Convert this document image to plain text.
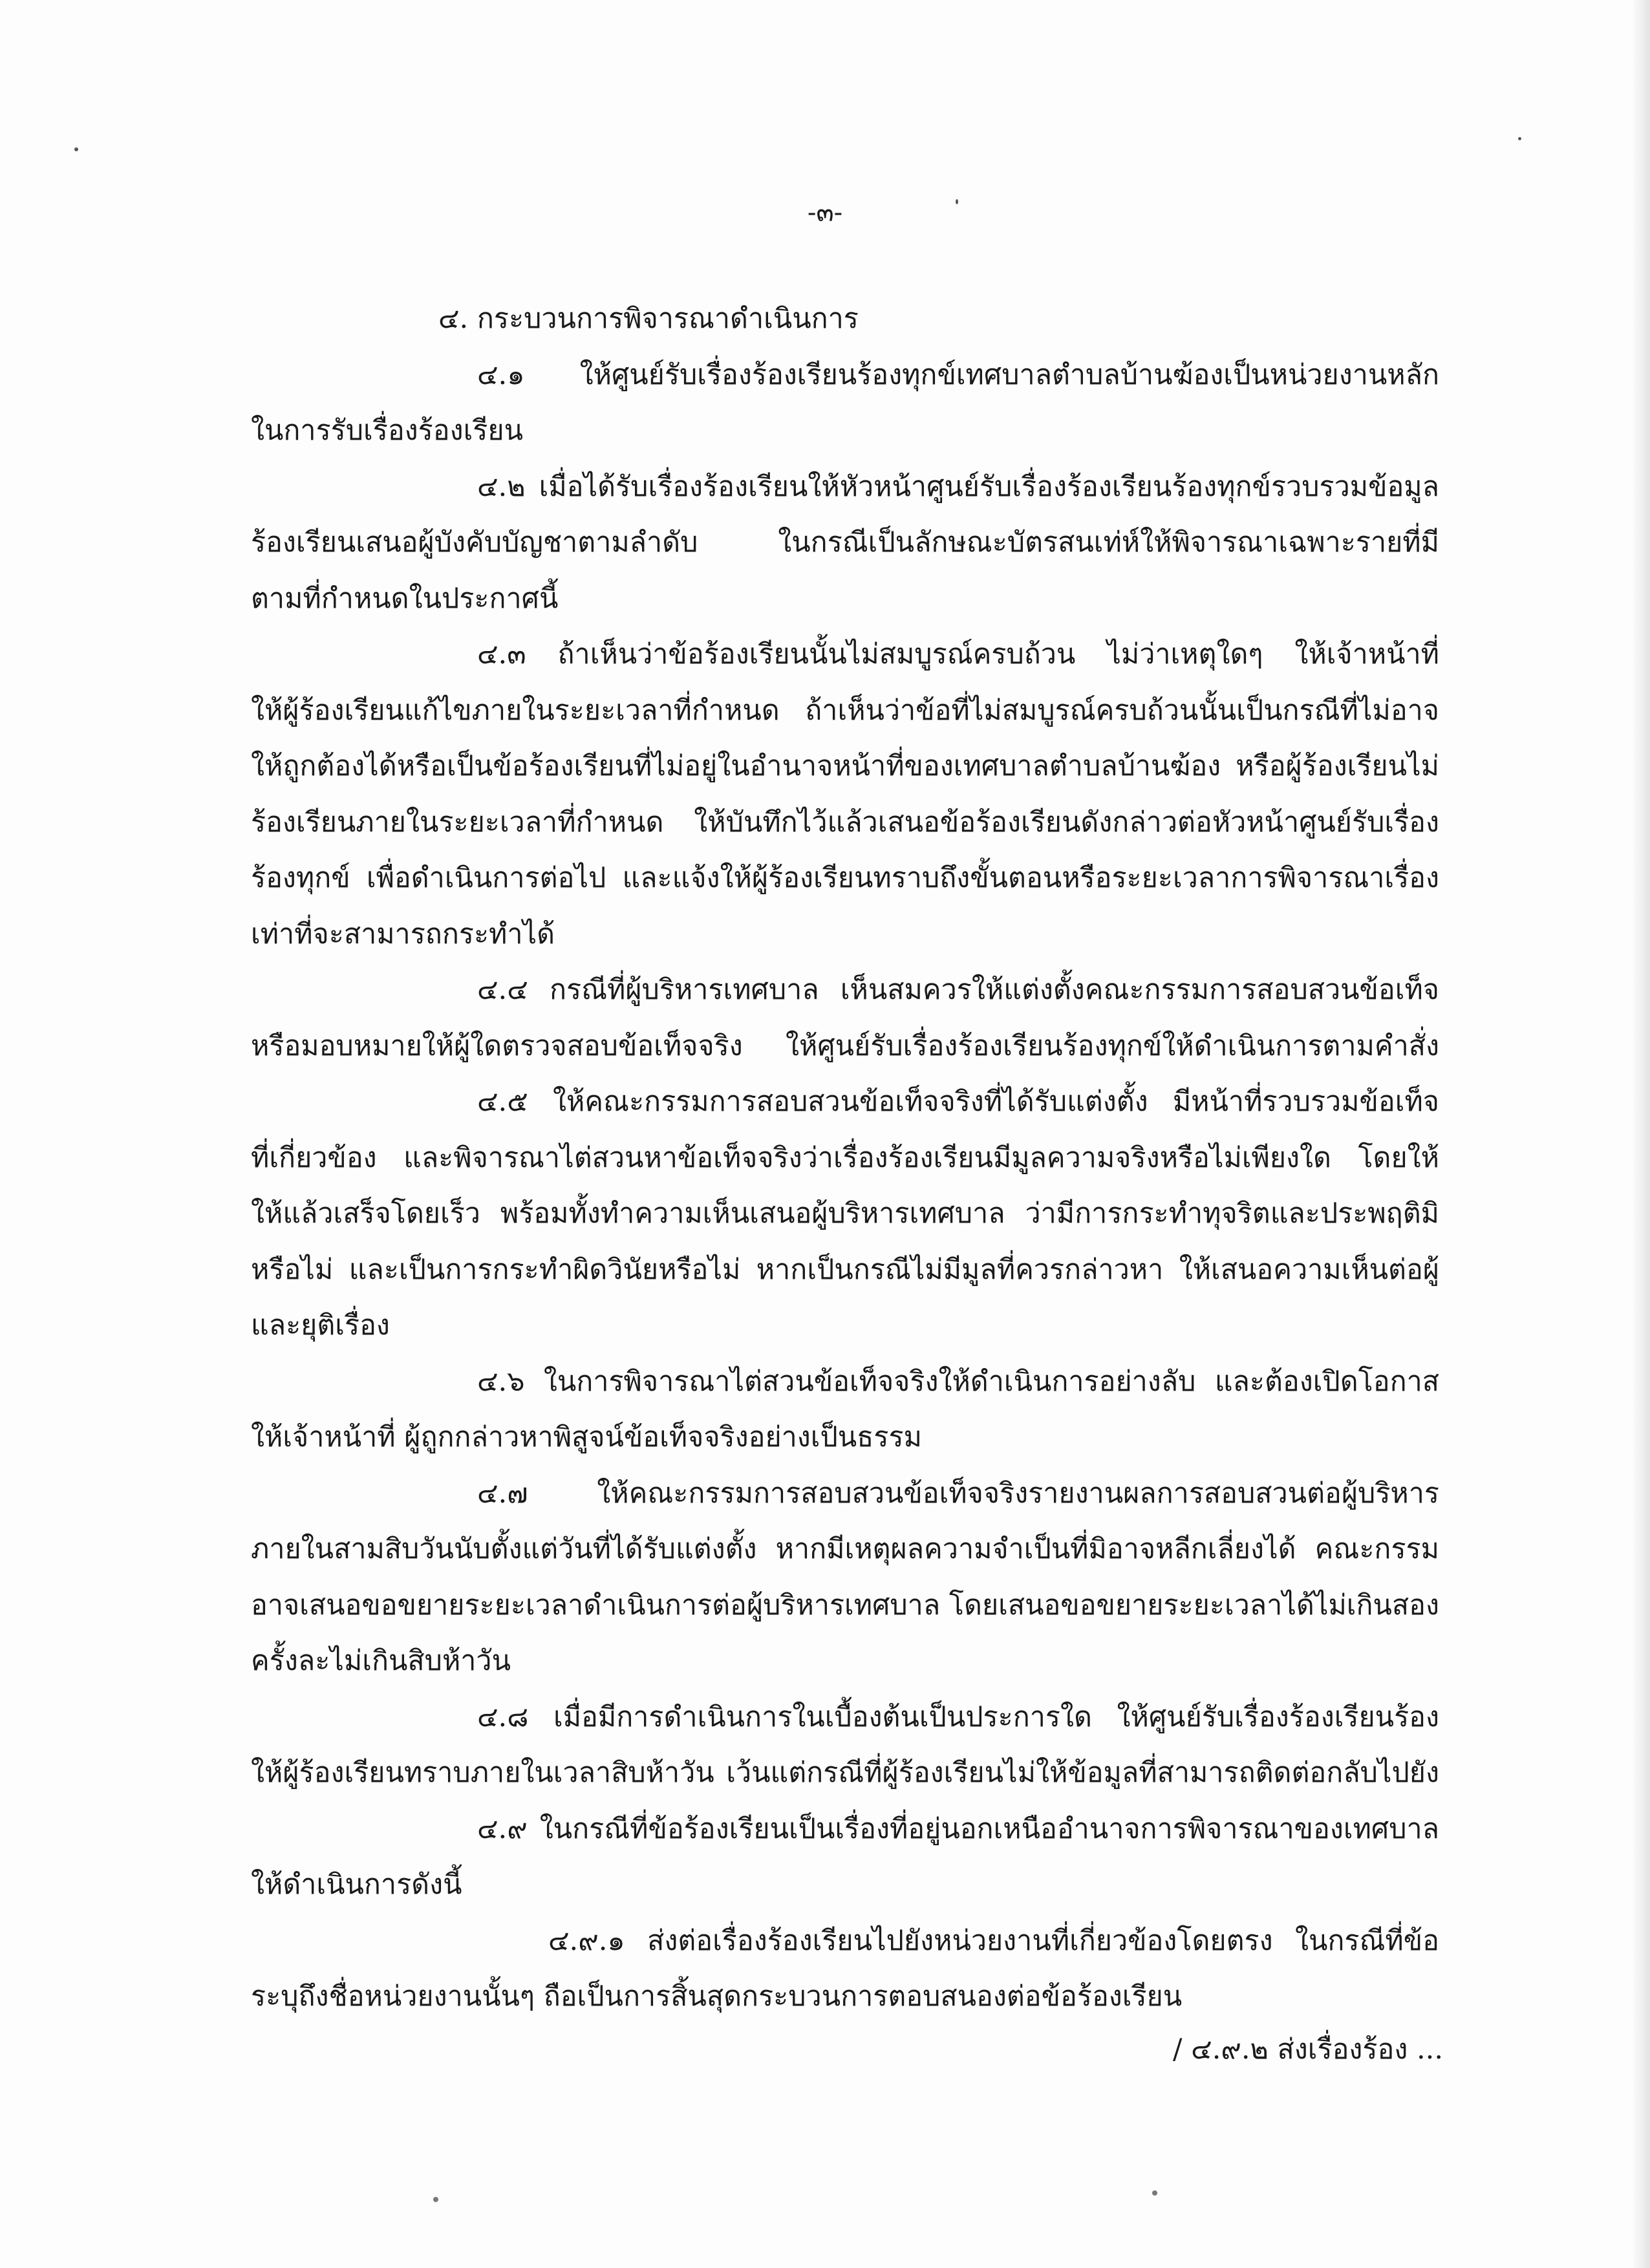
-๓-
๔. กระบวนการพิจารณาดำเนินการ
๔.๑ ให้ศูนย์รับเรื่องร้องเรียนร้องทุกข์เทศบาลตำบลบ้านฆ้องเป็นหน่วยงานหลัก
ในการรับเรื่องร้องเรียน
๔.๒ เมื่อได้รับเรื่องร้องเรียนให้หัวหน้าศูนย์รับเรื่องร้องเรียนร้องทุกข์รวบรวมข้อมูล
ร้องเรียนเสนอผู้บังคับบัญชาตามลำดับ ในกรณีเป็นลักษณะบัตรสนเท่ห์ให้พิจารณาเฉพาะรายที่มี
ตามที่กำหนดในประกาศนี้
๔.๓ ถ้าเห็นว่าข้อร้องเรียนนั้นไม่สมบูรณ์ครบถ้วน ไม่ว่าเหตุใดๆ ให้เจ้าหน้าที่
ให้ผู้ร้องเรียนแก้ไขภายในระยะเวลาที่กำหนด ถ้าเห็นว่าข้อที่ไม่สมบูรณ์ครบถ้วนนั้นเป็นกรณีที่ไม่อาจ
ให้ถูกต้องได้หรือเป็นข้อร้องเรียนที่ไม่อยู่ในอำนาจหน้าที่ของเทศบาลตำบลบ้านฆ้อง หรือผู้ร้องเรียนไม่
ร้องเรียนภายในระยะเวลาที่กำหนด ให้บันทึกไว้แล้วเสนอข้อร้องเรียนดังกล่าวต่อหัวหน้าศูนย์รับเรื่อง
ร้องทุกข์ เพื่อดำเนินการต่อไป และแจ้งให้ผู้ร้องเรียนทราบถึงขั้นตอนหรือระยะเวลาการพิจารณาเรื่อง
เท่าที่จะสามารถกระทำได้
๔.๔ กรณีที่ผู้บริหารเทศบาล เห็นสมควรให้แต่งตั้งคณะกรรมการสอบสวนข้อเท็จ
หรือมอบหมายให้ผู้ใดตรวจสอบข้อเท็จจริง ให้ศูนย์รับเรื่องร้องเรียนร้องทุกข์ให้ดำเนินการตามคำสั่ง
๔.๕ ให้คณะกรรมการสอบสวนข้อเท็จจริงที่ได้รับแต่งตั้ง มีหน้าที่รวบรวมข้อเท็จ
ที่เกี่ยวข้อง และพิจารณาไต่สวนหาข้อเท็จจริงว่าเรื่องร้องเรียนมีมูลความจริงหรือไม่เพียงใด โดยให้
ให้แล้วเสร็จโดยเร็ว พร้อมทั้งทำความเห็นเสนอผู้บริหารเทศบาล ว่ามีการกระทำทุจริตและประพฤติมิ
หรือไม่ และเป็นการกระทำผิดวินัยหรือไม่ หากเป็นกรณีไม่มีมูลที่ควรกล่าวหา ให้เสนอความเห็นต่อผู้
และยุติเรื่อง
๔.๖ ในการพิจารณาไต่สวนข้อเท็จจริงให้ดำเนินการอย่างลับ และต้องเปิดโอกาส
ให้เจ้าหน้าที่ ผู้ถูกกล่าวหาพิสูจน์ข้อเท็จจริงอย่างเป็นธรรม
๔.๗ ให้คณะกรรมการสอบสวนข้อเท็จจริงรายงานผลการสอบสวนต่อผู้บริหาร
ภายในสามสิบวันนับตั้งแต่วันที่ได้รับแต่งตั้ง หากมีเหตุผลความจำเป็นที่มิอาจหลีกเลี่ยงได้ คณะกรรม
อาจเสนอขอขยายระยะเวลาดำเนินการต่อผู้บริหารเทศบาล โดยเสนอขอขยายระยะเวลาได้ไม่เกินสอง
ครั้งละไม่เกินสิบห้าวัน
๔.๘ เมื่อมีการดำเนินการในเบื้องต้นเป็นประการใด ให้ศูนย์รับเรื่องร้องเรียนร้อง
ให้ผู้ร้องเรียนทราบภายในเวลาสิบห้าวัน เว้นแต่กรณีที่ผู้ร้องเรียนไม่ให้ข้อมูลที่สามารถติดต่อกลับไปยัง
๔.๙ ในกรณีที่ข้อร้องเรียนเป็นเรื่องที่อยู่นอกเหนืออำนาจการพิจารณาของเทศบาล
ให้ดำเนินการดังนี้
๔.๙.๑ ส่งต่อเรื่องร้องเรียนไปยังหน่วยงานที่เกี่ยวข้องโดยตรง ในกรณีที่ข้อ
ระบุถึงชื่อหน่วยงานนั้นๆ ถือเป็นการสิ้นสุดกระบวนการตอบสนองต่อข้อร้องเรียน
/ ๔.๙.๒ ส่งเรื่องร้อง ...
